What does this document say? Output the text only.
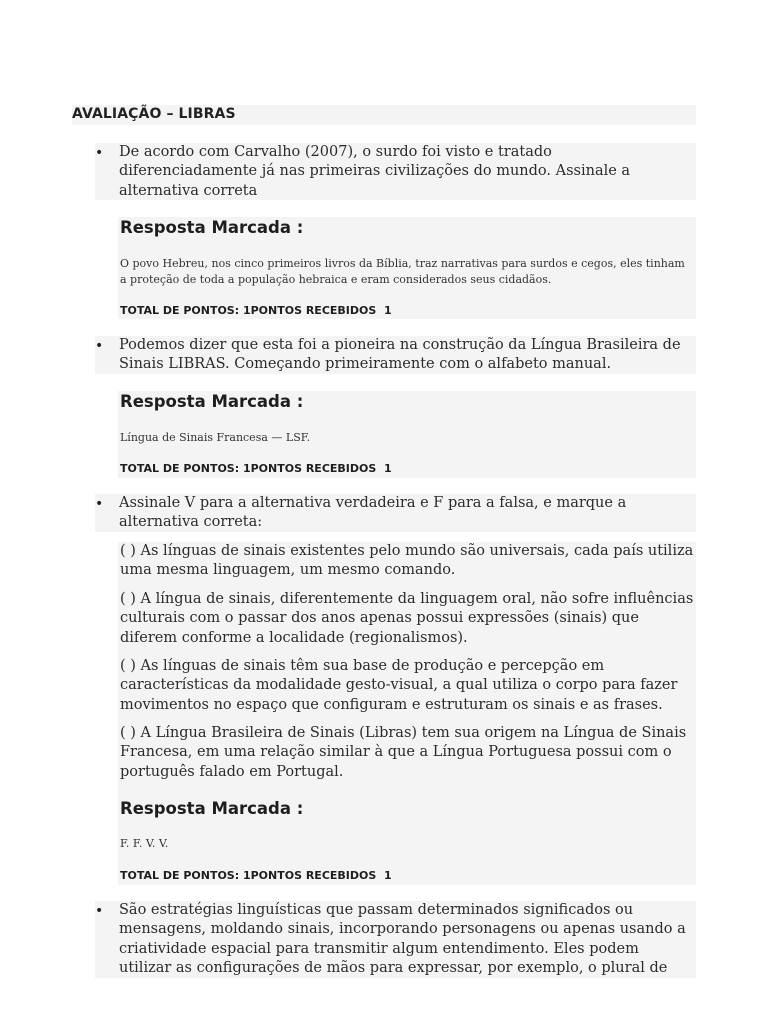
AVALIAÇÃO – LIBRAS
• De acordo com Carvalho (2007), o surdo foi visto e tratado diferenciadamente já nas primeiras civilizações do mundo. Assinale a alternativa correta
Resposta Marcada :
O povo Hebreu, nos cinco primeiros livros da Bíblia, traz narrativas para surdos e cegos, eles tinham a proteção de toda a população hebraica e eram considerados seus cidadãos.
TOTAL DE PONTOS: 1PONTOS RECEBIDOS  1
• Podemos dizer que esta foi a pioneira na construção da Língua Brasileira de Sinais LIBRAS. Começando primeiramente com o alfabeto manual.
Resposta Marcada :
Língua de Sinais Francesa — LSF.
TOTAL DE PONTOS: 1PONTOS RECEBIDOS  1
• Assinale V para a alternativa verdadeira e F para a falsa, e marque a alternativa correta:
( ) As línguas de sinais existentes pelo mundo são universais, cada país utiliza uma mesma linguagem, um mesmo comando.
( ) A língua de sinais, diferentemente da linguagem oral, não sofre influências culturais com o passar dos anos apenas possui expressões (sinais) que diferem conforme a localidade (regionalismos).
( ) As línguas de sinais têm sua base de produção e percepção em características da modalidade gesto-visual, a qual utiliza o corpo para fazer movimentos no espaço que configuram e estruturam os sinais e as frases.
( ) A Língua Brasileira de Sinais (Libras) tem sua origem na Língua de Sinais Francesa, em uma relação similar à que a Língua Portuguesa possui com o português falado em Portugal.
Resposta Marcada :
F. F. V. V.
TOTAL DE PONTOS: 1PONTOS RECEBIDOS  1
• São estratégias linguísticas que passam determinados significados ou mensagens, moldando sinais, incorporando personagens ou apenas usando a criatividade espacial para transmitir algum entendimento. Eles podem utilizar as configurações de mãos para expressar, por exemplo, o plural de
